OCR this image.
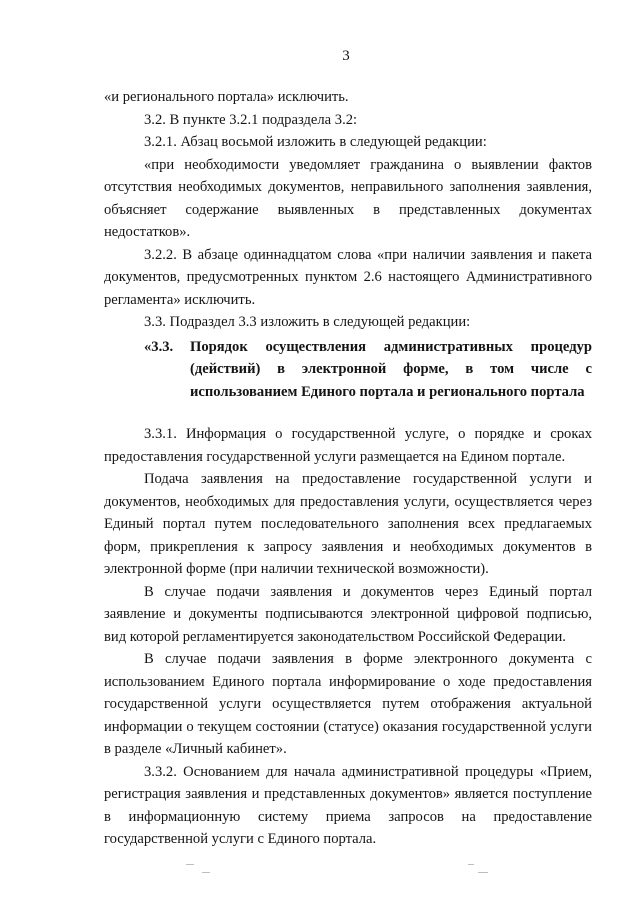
3

«и регионального портала» исключить.

3.2. В пункте 3.2.1 подраздела 3.2:

3.2.1. Абзац восьмой изложить в следующей редакции:

«при необходимости уведомляет гражданина о выявлении фактов отсутствия необходимых документов, неправильного заполнения заявления, объясняет содержание выявленных в представленных документах недостатков».

3.2.2. В абзаце одиннадцатом слова «при наличии заявления и пакета документов, предусмотренных пунктом 2.6 настоящего Административного регламента» исключить.

3.3. Подраздел 3.3 изложить в следующей редакции:

«3.3.	Порядок осуществления административных процедур (действий) в электронной форме, в том числе с использованием Единого портала и регионального портала

3.3.1. Информация о государственной услуге, о порядке и сроках предоставления государственной услуги размещается на Едином портале.

Подача заявления на предоставление государственной услуги и документов, необходимых для предоставления услуги, осуществляется через Единый портал путем последовательного заполнения всех предлагаемых форм, прикрепления к запросу заявления и необходимых документов в электронной форме (при наличии технической возможности).

В случае подачи заявления и документов через Единый портал заявление и документы подписываются электронной цифровой подписью, вид которой регламентируется законодательством Российской Федерации.

В случае подачи заявления в форме электронного документа с использованием Единого портала информирование о ходе предоставления государственной услуги осуществляется путем отображения актуальной информации о текущем состоянии (статусе) оказания государственной услуги в разделе «Личный кабинет».

3.3.2. Основанием для начала административной процедуры «Прием, регистрация заявления и представленных документов» является поступление в информационную систему приема запросов на предоставление государственной услуги с Единого портала.
